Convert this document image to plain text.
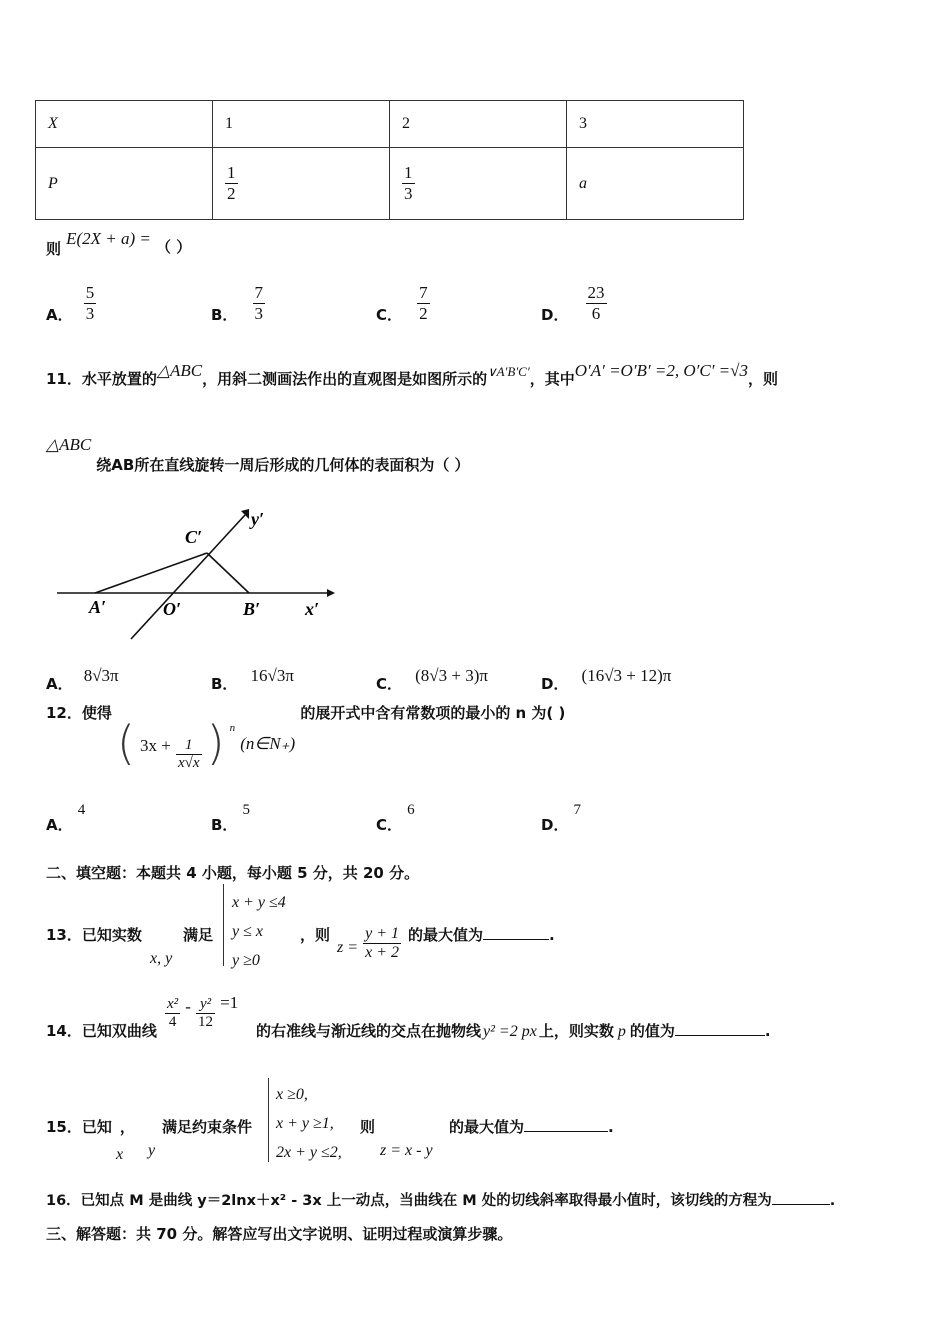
X	1	2	3
P	$\frac{1}{2}$	$\frac{1}{3}$	a
则 E(2X + a) = （ ）
A． $\frac{5}{3}$	B． $\frac{7}{3}$	C． $\frac{7}{2}$	D． $\frac{23}{6}$
11．水平放置的△ABC，用斜二测画法作出的直观图是如图所示的$^{\vee A'B'C'}$，其中O′A′ =O′B′ =2, O′C′ =√3，则
△ABC 绕AB所在直线旋转一周后形成的几何体的表面积为（ ）
C′
y′
A′	O′	B′ x′
A． 8√3π	B． 16√3π	C． (8√3 + 3)π	D． (16√3 + 12)π
12．使得 ( $3x + \frac{1}{x√x}$ ) $^n$ (n∈N₊) 的展开式中含有常数项的最小的 n 为( )
A． 4
B． 5
C． 6
D． 7
二、填空题：本题共 4 小题，每小题 5 分，共 20 分。
13．已知实数
x, y
满足
x + y ≤4
y ≤ x
y ≥0
，则
$z = \frac{y + 1}{x + 2}$ 的最大值为	.
14．已知双曲线 $\frac{\text{x²}}{4} - \frac{\text{y²}}{12} =1$
的右准线与渐近线的交点在抛物线 y² =2 px 上，则实数 p 的值为	.
15．已知 ，
x y
满足约束条件
x ≥0,
x + y ≥1,
2x + y ≤2,
则
z = x - y
的最大值为	.
16．已知点 M 是曲线 y＝2lnx＋x² - 3x 上一动点，当曲线在 M 处的切线斜率取得最小值时，该切线的方程为	.
三、解答题：共 70 分。解答应写出文字说明、证明过程或演算步骤。
